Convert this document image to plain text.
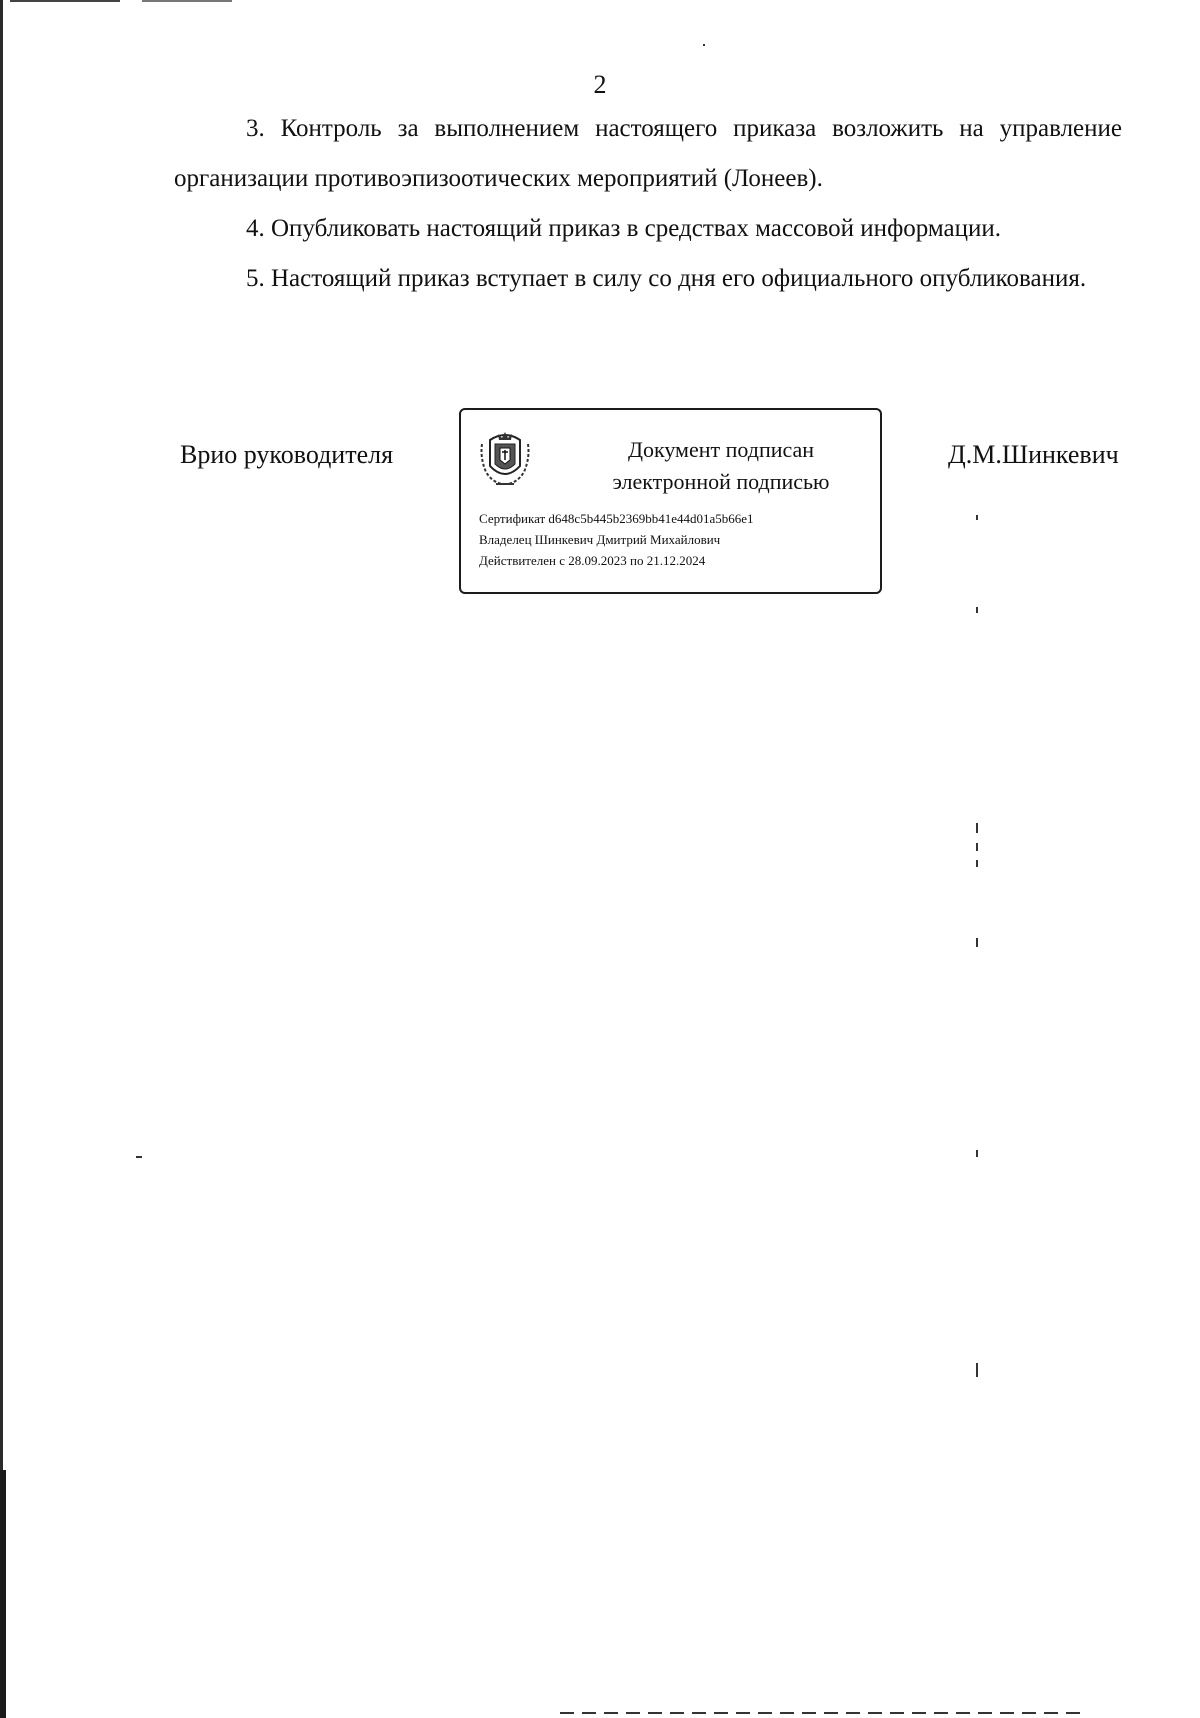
2

3. Контроль за выполнением настоящего приказа возложить на управление организации противоэпизоотических мероприятий (Лонеев).

4. Опубликовать настоящий приказ в средствах массовой информации.

5. Настоящий приказ вступает в силу со дня его официального опубликования.

Врио руководителя	Д.М.Шинкевич
Документ подписан
электронной подписью
Сертификат d648c5b445b2369bb41e44d01a5b66e1
Владелец Шинкевич Дмитрий Михайлович
Действителен с 28.09.2023 по 21.12.2024
